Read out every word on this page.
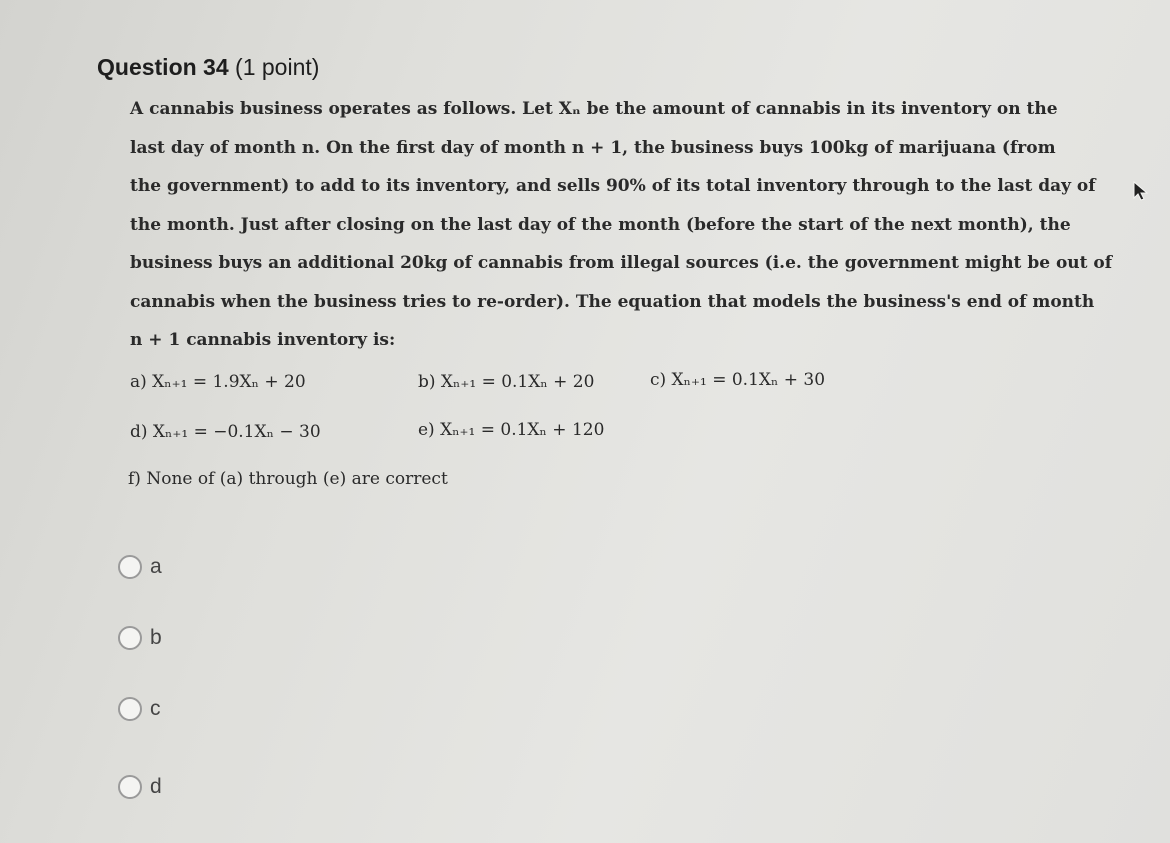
Question 34 (1 point)

A cannabis business operates as follows. Let Xₙ be the amount of cannabis in its inventory on the

last day of month n. On the first day of month n + 1, the business buys 100kg of marijuana (from

the government) to add to its inventory, and sells 90% of its total inventory through to the last day of

the month. Just after closing on the last day of the month (before the start of the next month), the

business buys an additional 20kg of cannabis from illegal sources (i.e. the government might be out of

cannabis when the business tries to re-order). The equation that models the business's end of month

n + 1 cannabis inventory is:

a) Xₙ₊₁ = 1.9Xₙ + 20	b) Xₙ₊₁ = 0.1Xₙ + 20	c) Xₙ₊₁ = 0.1Xₙ + 30
d) Xₙ₊₁ = −0.1Xₙ − 30	e) Xₙ₊₁ = 0.1Xₙ + 120
f) None of (a) through (e) are correct
a
b
c
d
